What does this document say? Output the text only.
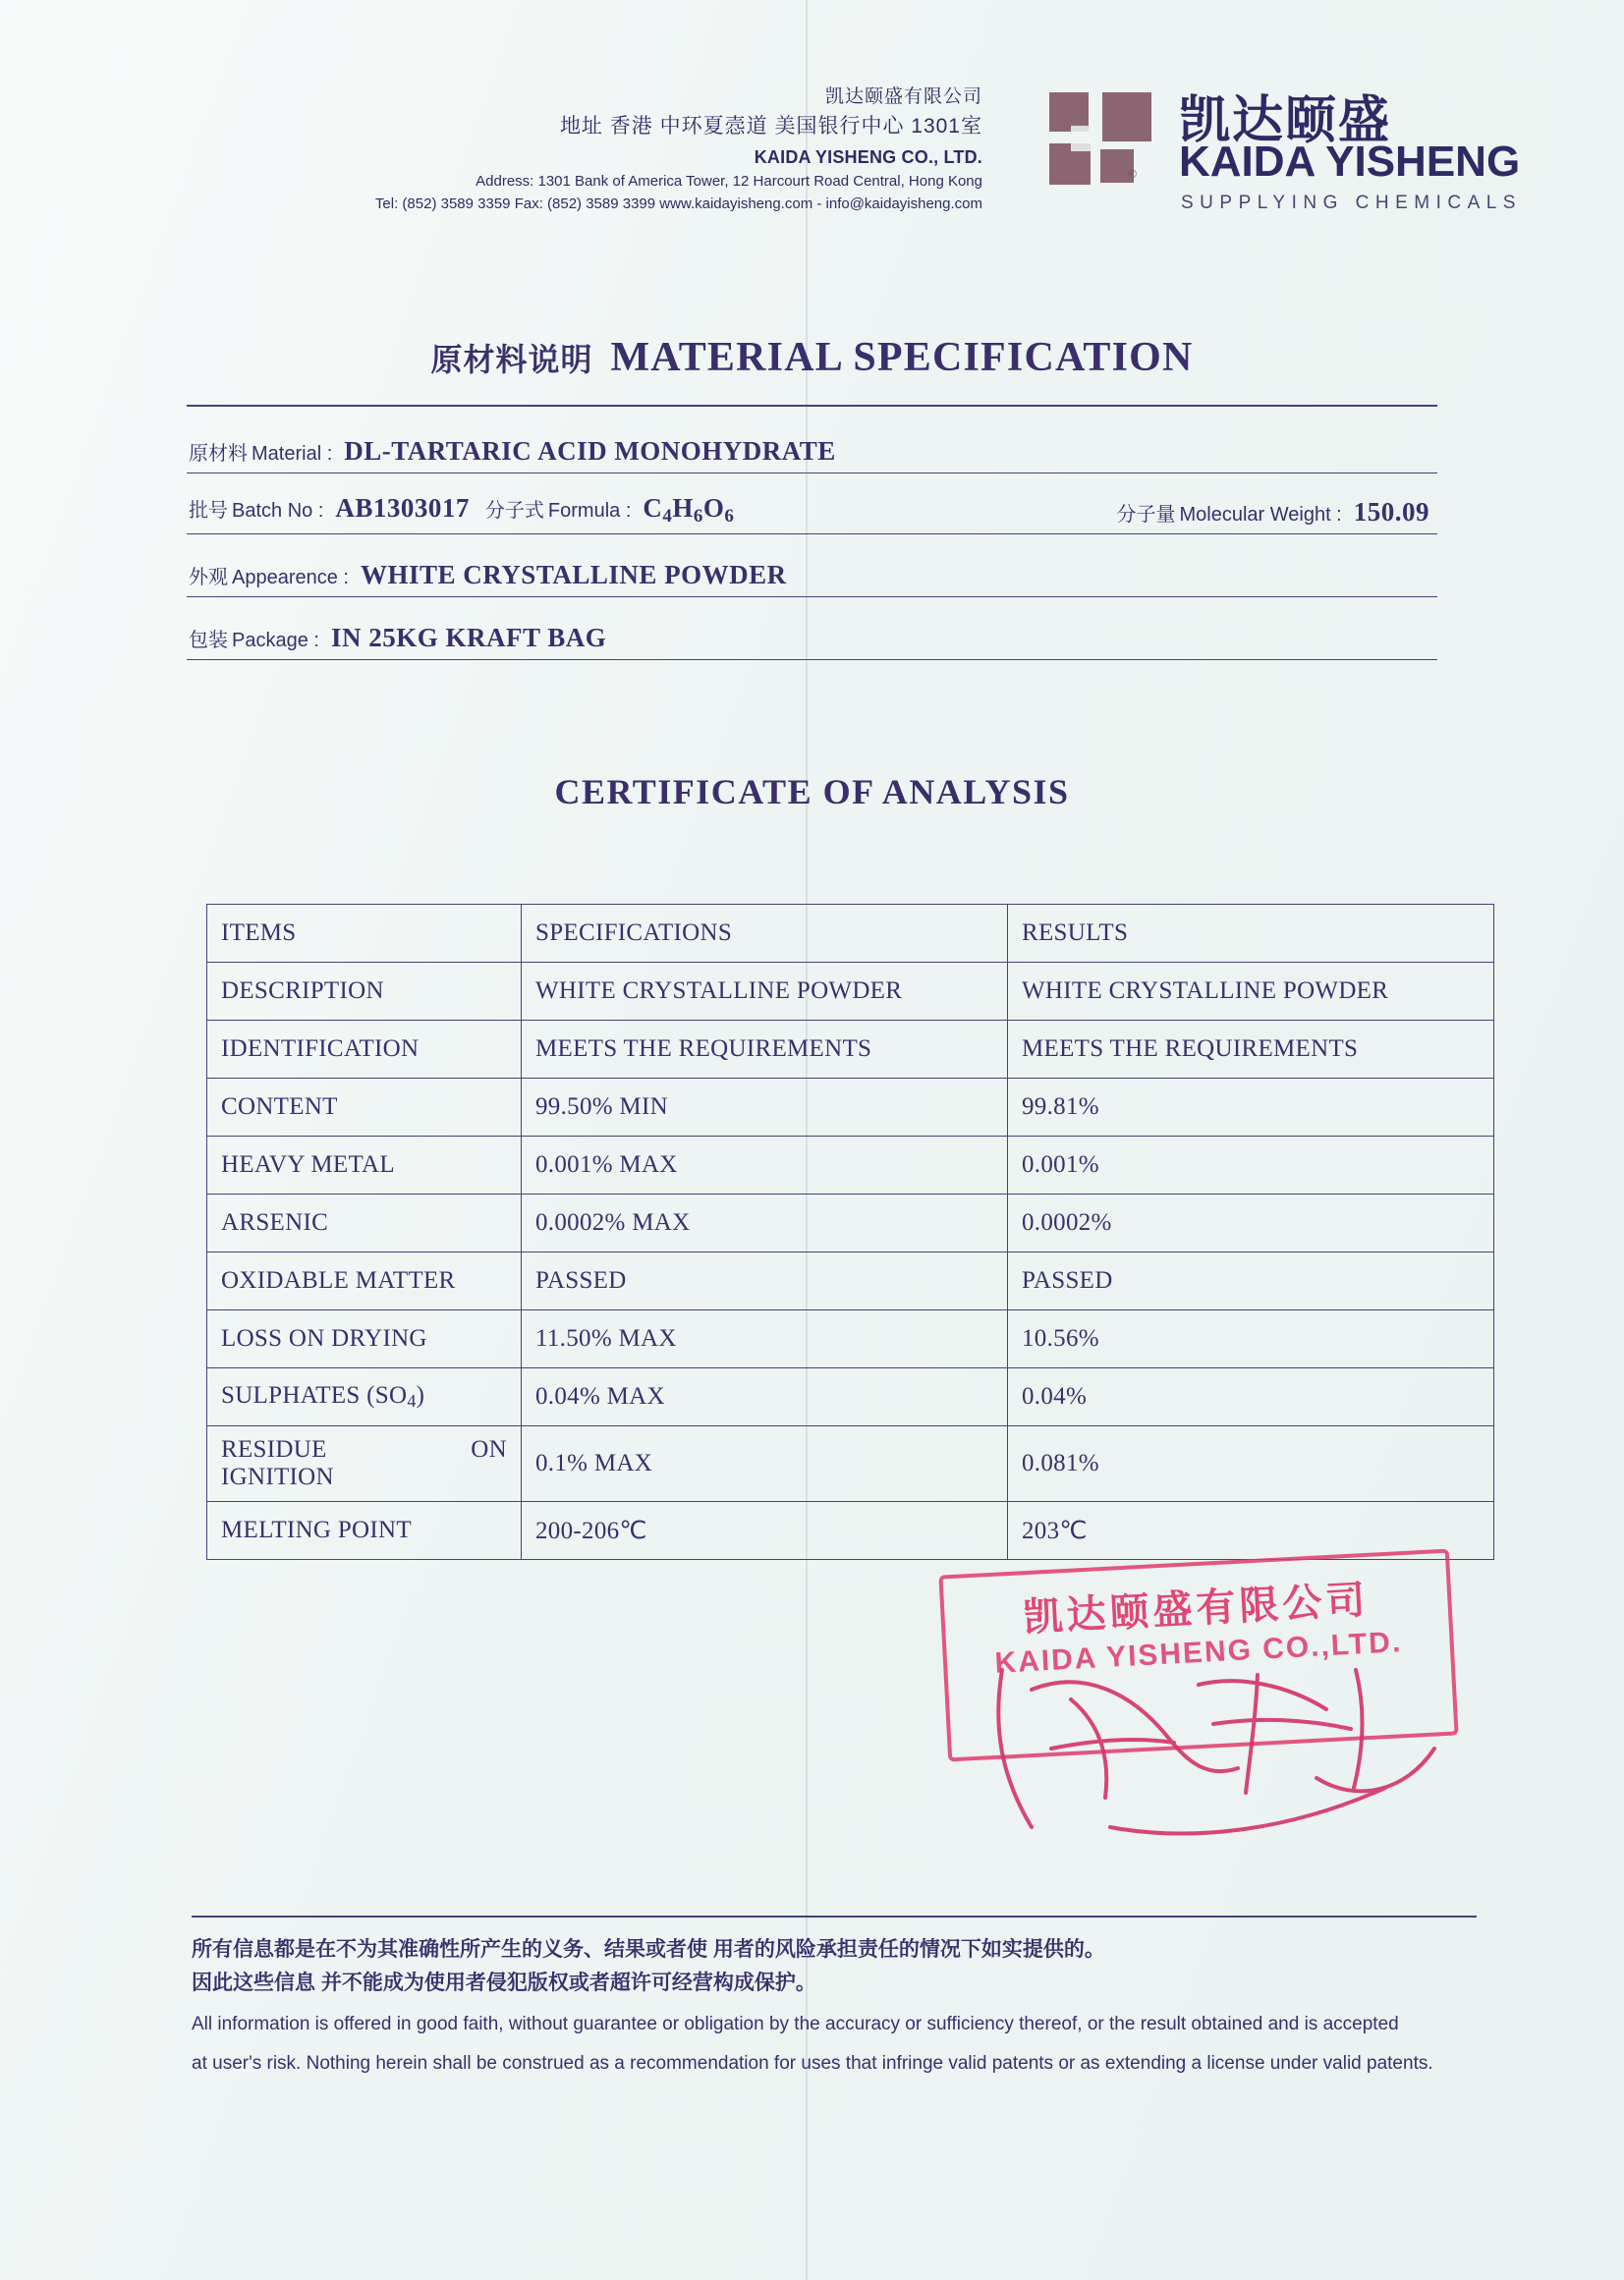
凯达颐盛有限公司
地址 香港 中环夏悫道 美国银行中心 1301室
KAIDA YISHENG CO., LTD.
Address: 1301 Bank of America Tower, 12 Harcourt Road Central, Hong Kong
Tel: (852) 3589 3359 Fax: (852) 3589 3399 www.kaidayisheng.com - info@kaidayisheng.com
®
凯达颐盛
KAIDA YISHENG
SUPPLYING CHEMICALS
原材料说明 MATERIAL SPECIFICATION
原材料 Material : DL-TARTARIC ACID MONOHYDRATE
批号 Batch No : AB1303017 分子式 Formula : $C_4H_6O_6$	分子量 Molecular Weight : 150.09
外观 Appearence : WHITE CRYSTALLINE POWDER
包装 Package : IN 25KG KRAFT BAG
CERTIFICATE OF ANALYSIS
ITEMS	SPECIFICATIONS	RESULTS
DESCRIPTION	WHITE CRYSTALLINE POWDER	WHITE CRYSTALLINE POWDER
IDENTIFICATION	MEETS THE REQUIREMENTS	MEETS THE REQUIREMENTS
CONTENT	99.50% MIN	99.81%
HEAVY METAL	0.001% MAX	0.001%
ARSENIC	0.0002% MAX	0.0002%
OXIDABLE MATTER	PASSED	PASSED
LOSS ON DRYING	11.50% MAX	10.56%
SULPHATES (SO4)	0.04% MAX	0.04%

RESIDUE ON
IGNITION	0.1% MAX	0.081%
MELTING POINT	200-206℃	203℃
凯达颐盛有限公司
KAIDA YISHENG CO.,LTD.
所有信息都是在不为其准确性所产生的义务、结果或者使 用者的风险承担责任的情况下如实提供的。
因此这些信息 并不能成为使用者侵犯版权或者超许可经营构成保护。
All information is offered in good faith, without guarantee or obligation by the accuracy or sufficiency thereof, or the result obtained and is accepted
at user's risk. Nothing herein shall be construed as a recommendation for uses that infringe valid patents or as extending a license under valid patents.
